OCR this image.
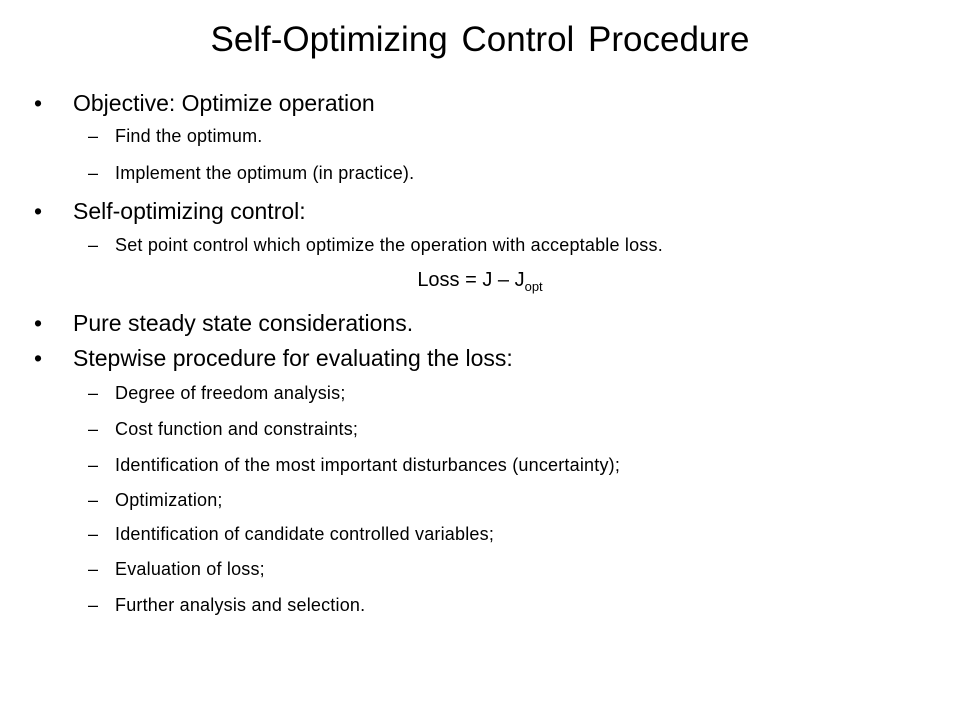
Self-Optimizing Control Procedure
• Objective: Optimize operation
– Find the optimum.
– Implement the optimum (in practice).
• Self-optimizing control:
– Set point control which optimize the operation with acceptable loss.
Loss = J – $J_{opt}$
• Pure steady state considerations.
• Stepwise procedure for evaluating the loss:
– Degree of freedom analysis;
– Cost function and constraints;
– Identification of the most important disturbances (uncertainty);
– Optimization;
– Identification of candidate controlled variables;
– Evaluation of loss;
– Further analysis and selection.
